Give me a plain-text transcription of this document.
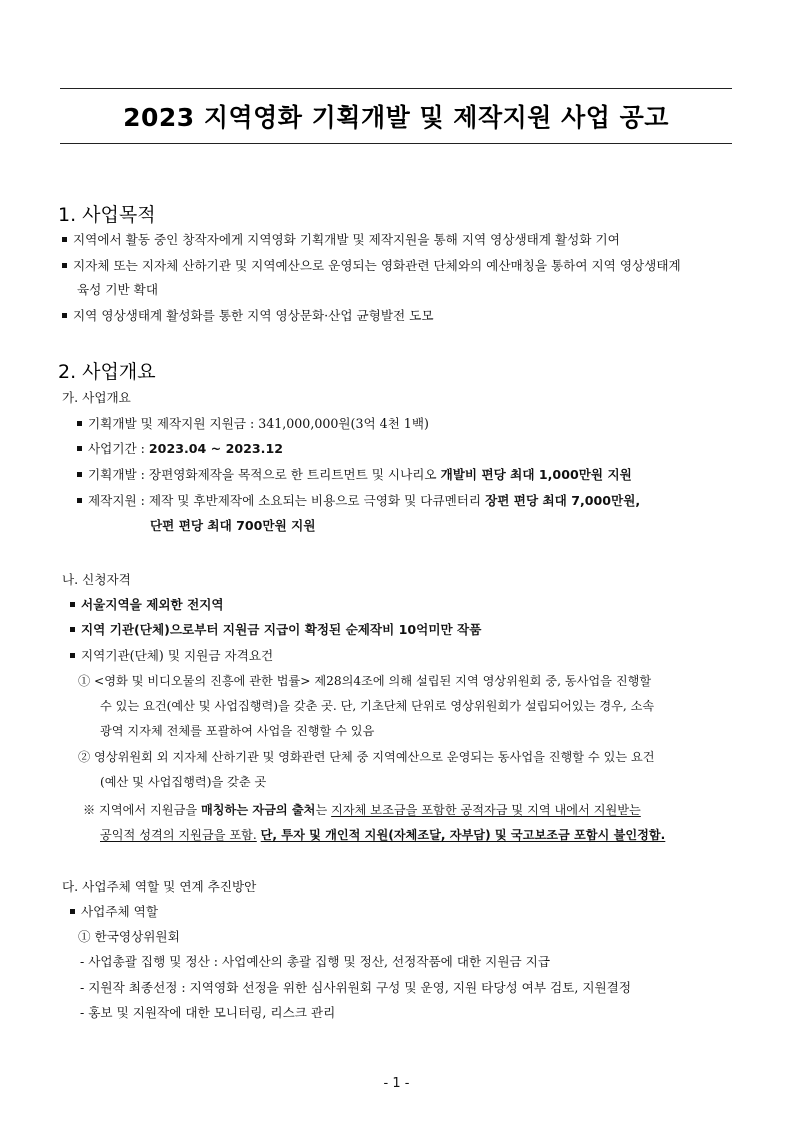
2023 지역영화 기획개발 및 제작지원 사업 공고
1. 사업목적
지역에서 활동 중인 창작자에게 지역영화 기획개발 및 제작지원을 통해 지역 영상생태계 활성화 기여
지자체 또는 지자체 산하기관 및 지역예산으로 운영되는 영화관련 단체와의 예산매칭을 통하여 지역 영상생태계
육성 기반 확대
지역 영상생태계 활성화를 통한 지역 영상문화·산업 균형발전 도모
2. 사업개요
가. 사업개요
기획개발 및 제작지원 지원금 : 341,000,000원(3억 4천 1백)
사업기간 : 2023.04 ~ 2023.12
기획개발 : 장편영화제작을 목적으로 한 트리트먼트 및 시나리오 개발비 편당 최대 1,000만원 지원
제작지원 : 제작 및 후반제작에 소요되는 비용으로 극영화 및 다큐멘터리 장편 편당 최대 7,000만원,
단편 편당 최대 700만원 지원
나. 신청자격
서울지역을 제외한 전지역
지역 기관(단체)으로부터 지원금 지급이 확정된 순제작비 10억미만 작품
지역기관(단체) 및 지원금 자격요건
① <영화 및 비디오물의 진흥에 관한 법률> 제28의4조에 의해 설립된 지역 영상위원회 중, 동사업을 진행할
수 있는 요건(예산 및 사업집행력)을 갖춘 곳. 단, 기초단체 단위로 영상위원회가 설립되어있는 경우, 소속
광역 지자체 전체를 포괄하여 사업을 진행할 수 있음
② 영상위원회 외 지자체 산하기관 및 영화관련 단체 중 지역예산으로 운영되는 동사업을 진행할 수 있는 요건
(예산 및 사업집행력)을 갖춘 곳
※ 지역에서 지원금을 매칭하는 자금의 출처는 지자체 보조금을 포함한 공적자금 및 지역 내에서 지원받는
공익적 성격의 지원금을 포함. 단, 투자 및 개인적 지원(자체조달, 자부담) 및 국고보조금 포함시 불인정함.
다. 사업주체 역할 및 연계 추진방안
사업주체 역할
① 한국영상위원회
- 사업총괄 집행 및 정산 : 사업예산의 총괄 집행 및 정산, 선정작품에 대한 지원금 지급
- 지원작 최종선정 : 지역영화 선정을 위한 심사위원회 구성 및 운영, 지원 타당성 여부 검토, 지원결정
- 홍보 및 지원작에 대한 모니터링, 리스크 관리
- 1 -
